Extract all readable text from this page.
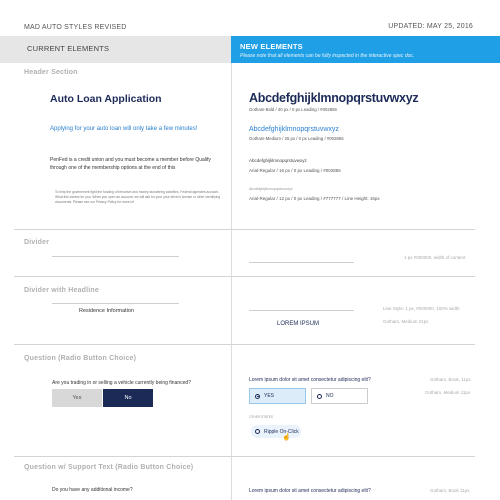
MAD AUTO STYLES REVISED	UPDATED: MAY 25, 2016
CURRENT ELEMENTS	NEW ELEMENTS
Please note that all elements can be fully inspected in the interactive spec doc.
Header Section
Auto Loan Application
Applying for your auto loan will only take a few minutes!
PenFed is a credit union and you must become a member before Qualify through one of the membership options at the end of this
To help the government fight the funding of terrorism and money laundering activities, Federal agencies account. What this means for you: When you open an account, we will ask for your your driver's license or other identifying documents. Please see our Privacy Policy for more inf
Abcdefghijklmnopqrstuvwxyz
Gotham-Bold / 40 px / 0 px Leading / #002856
Abcdefghijklmnopqrstuvwxyz
Gotham-Medium / 25 px / 0 px Leading / #002856
Abcdefghijklmnopqrstuvwxyz
Arial-Regular / 16 px / 0 px Leading / #002856
Abcdefghijklmnopqrstuvwxyz
Arial-Regular / 12 px / 0 px Leading / #777777 / Line Height: 16px
Divider
1 px #000000, width of content
Divider with Headline
Residence Information
LOREM IPSUM
Line Style: 1 px, #000000, 100% width
Gotham, Medium 21px
Question (Radio Button Choice)
Are you trading in or selling a vehicle currently being financed?
Yes	No
Lorem ipsum dolor sit amet consectetur adipiscing elit?	Gotham, Book, 11px
Gotham, Medium 11px
YES	NO
OTHER STATES
Ripple On-Click
☝
Question w/ Support Text (Radio Button Choice)
Do you have any additional income?	Lorem ipsum dolor sit amet consectetur adipiscing elit?	Gotham, Book 11px
